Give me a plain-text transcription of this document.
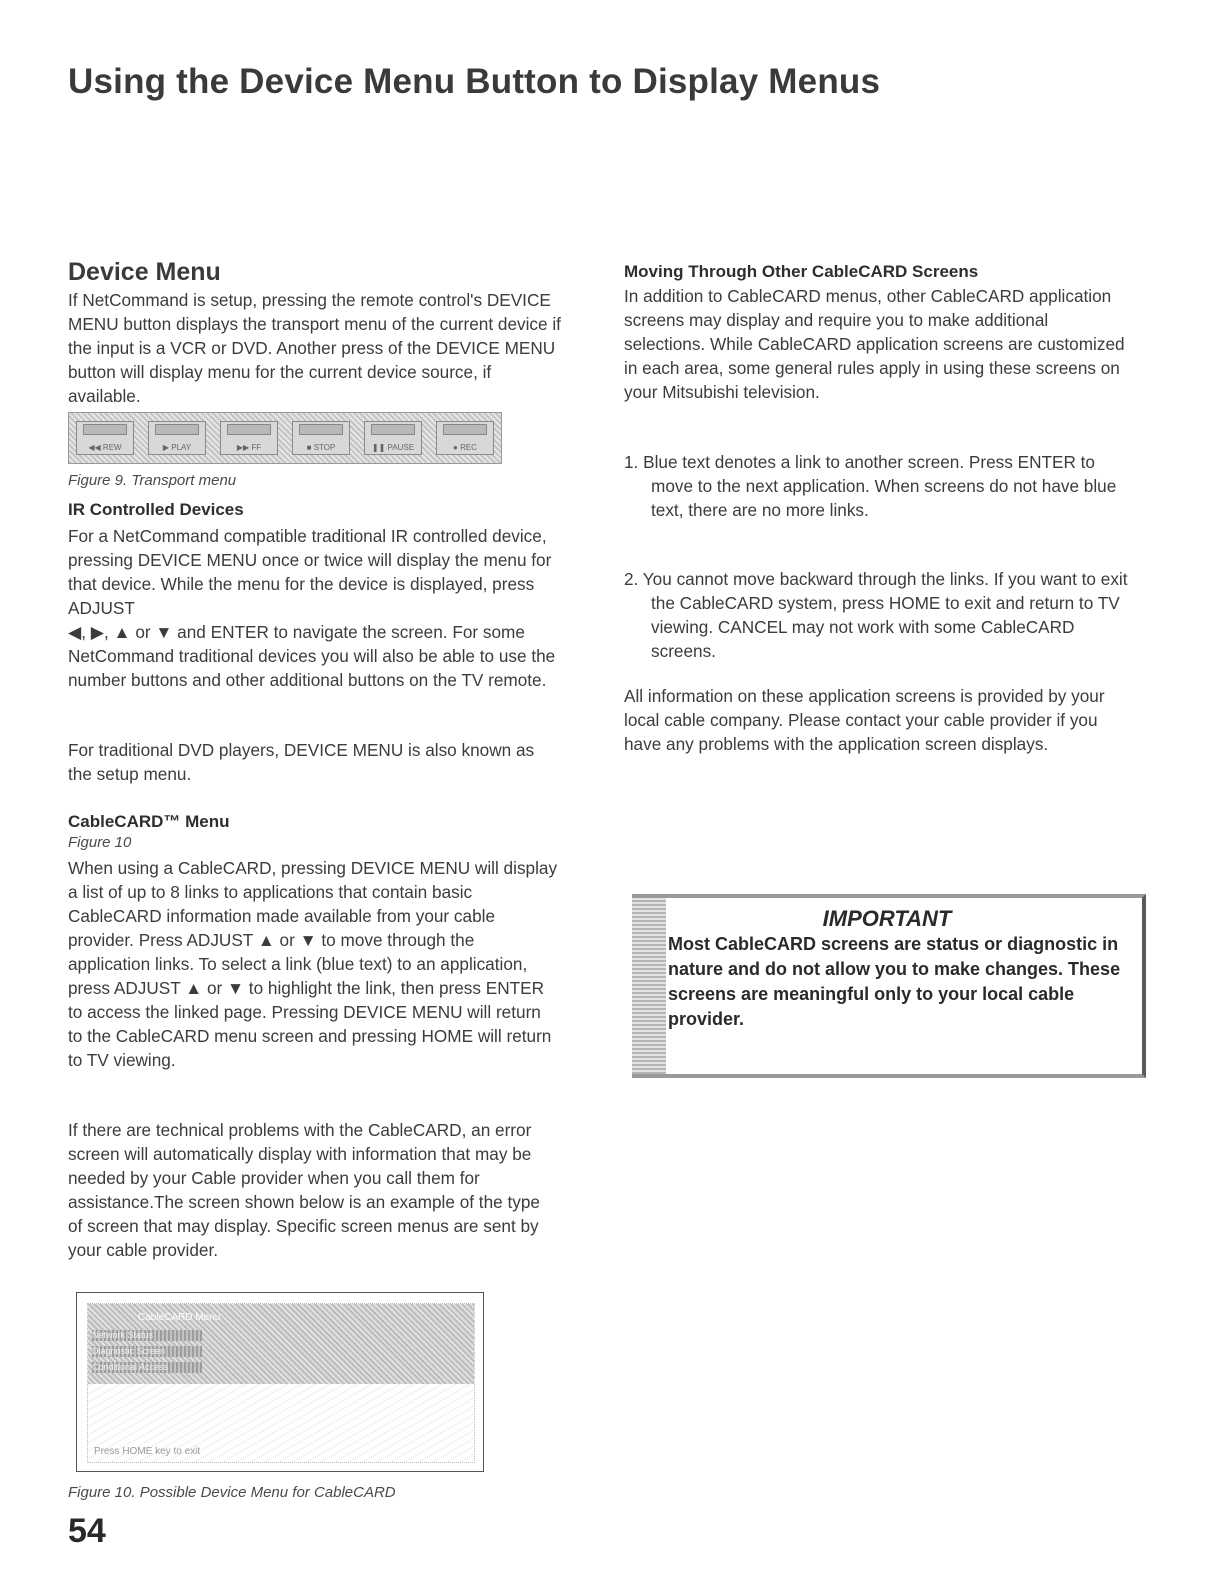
Using the Device Menu Button to Display Menus
Device Menu

If NetCommand is setup, pressing the remote control's DEVICE MENU button displays the transport menu of the current device if the input is a VCR or DVD. Another press of the DEVICE MENU button will display menu for the current device source, if available.

◀◀ REW	▶ PLAY	▶▶ FF	■ STOP	❚❚ PAUSE	● REC

Figure 9. Transport menu

IR Controlled Devices

For a NetCommand compatible traditional IR controlled device, pressing DEVICE MENU once or twice will display the menu for that device. While the menu for the device is displayed, press ADJUST

◀, ▶, ▲ or ▼ and ENTER to navigate the screen. For some NetCommand traditional devices you will also be able to use the number buttons and other additional buttons on the TV remote.

For traditional DVD players, DEVICE MENU is also known as the setup menu.

CableCARD™ Menu

Figure 10

When using a CableCARD, pressing DEVICE MENU will display a list of up to 8 links to applications that contain basic CableCARD information made available from your cable provider. Press ADJUST ▲ or ▼ to move through the application links. To select a link (blue text) to an application, press ADJUST ▲ or ▼ to highlight the link, then press ENTER to access the linked page. Pressing DEVICE MENU will return to the CableCARD menu screen and pressing HOME will return to TV viewing.

If there are technical problems with the CableCARD, an error screen will automatically display with information that may be needed by your Cable provider when you call them for assistance.The screen shown below is an example of the type of screen that may display. Specific screen menus are sent by your cable provider.

CableCARD Menu
Network Status
Diagnostic Screen
Conditional Access
Press HOME key to exit

Figure 10. Possible Device Menu for CableCARD

54

Moving Through Other CableCARD Screens

In addition to CableCARD menus, other CableCARD application screens may display and require you to make additional selections. While CableCARD application screens are customized in each area, some general rules apply in using these screens on your Mitsubishi television.

1. Blue text denotes a link to another screen. Press ENTER to move to the next application. When screens do not have blue text, there are no more links.

2. You cannot move backward through the links. If you want to exit the CableCARD system, press HOME to exit and return to TV viewing. CANCEL may not work with some CableCARD screens.

All information on these application screens is provided by your local cable company. Please contact your cable provider if you have any problems with the application screen displays.

IMPORTANT

Most CableCARD screens are status or diagnostic in nature and do not allow you to make changes. These screens are meaningful only to your local cable provider.
